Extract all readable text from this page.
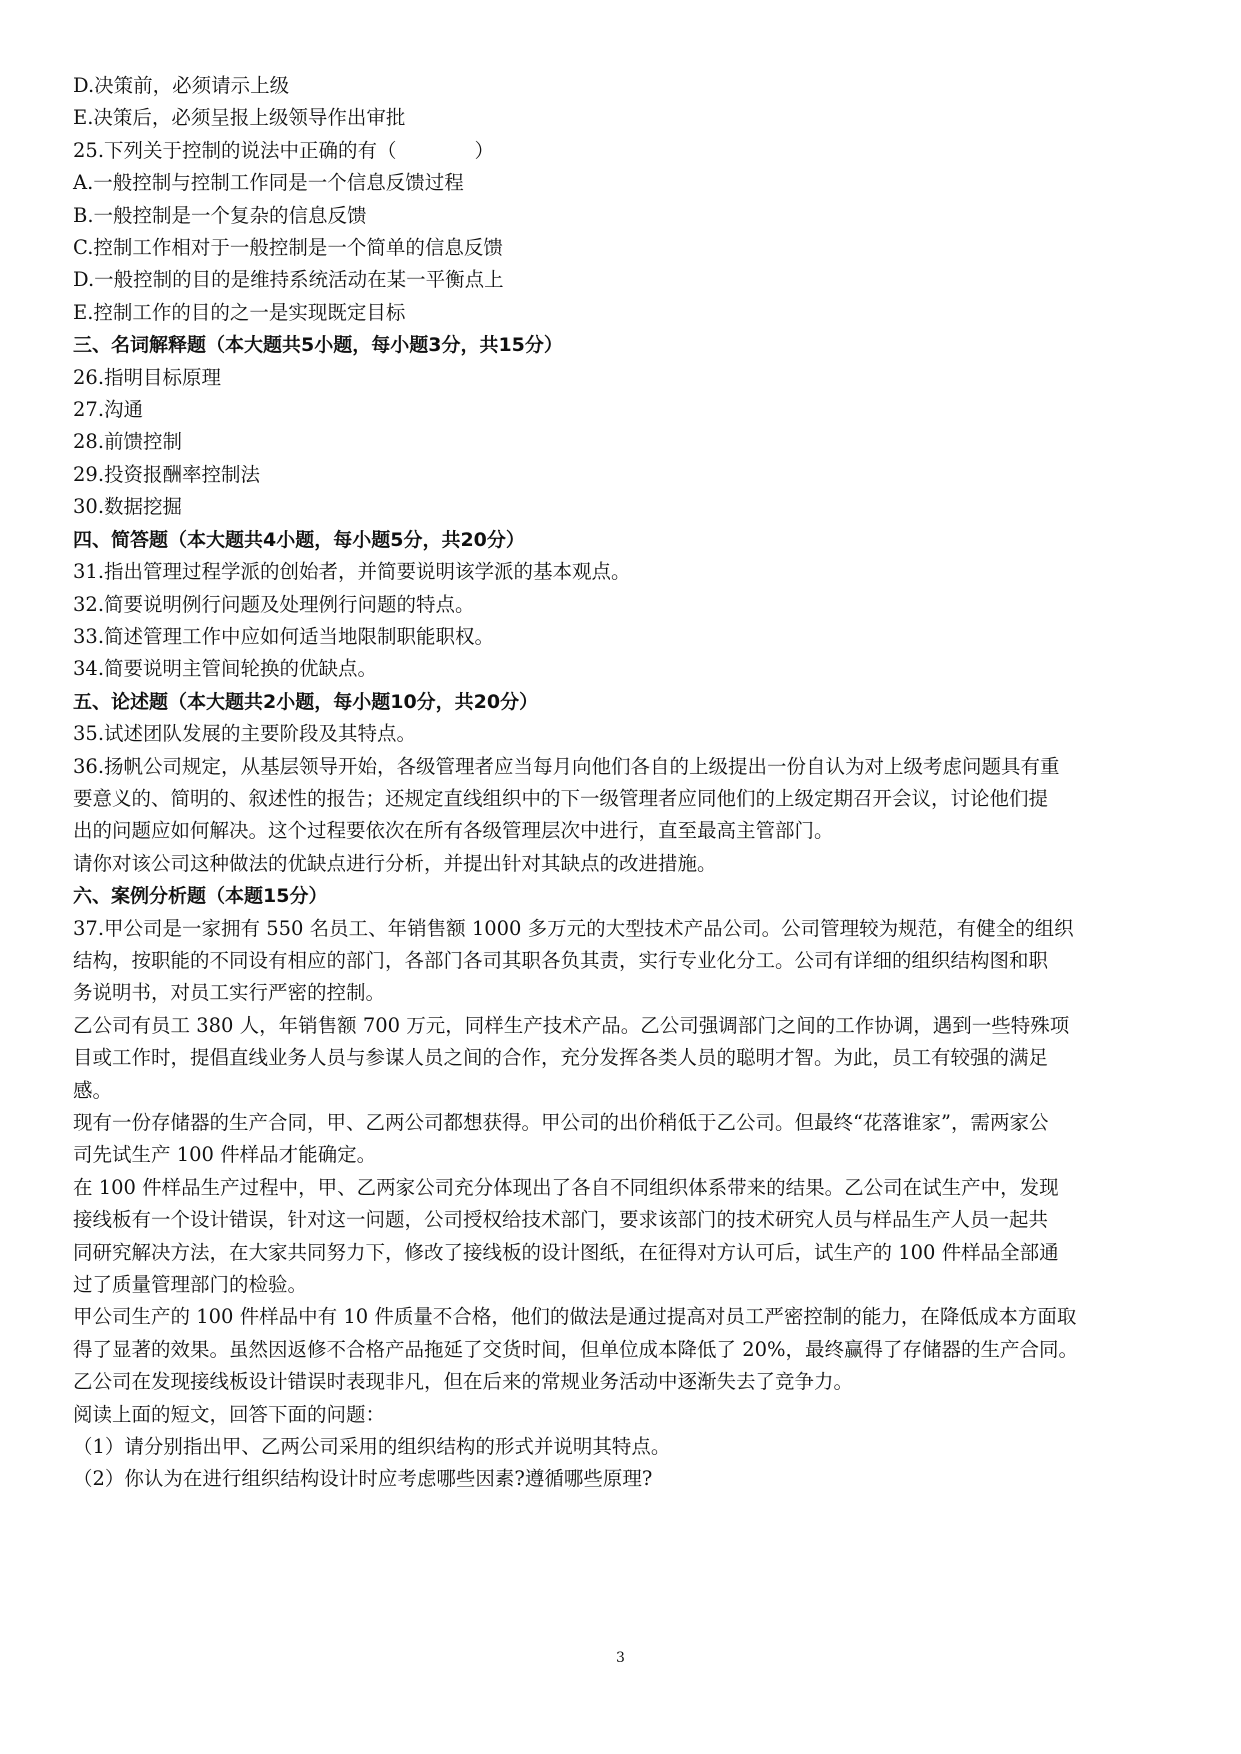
D.决策前，必须请示上级

E.决策后，必须呈报上级领导作出审批

25.下列关于控制的说法中正确的有（	）

A.一般控制与控制工作同是一个信息反馈过程

B.一般控制是一个复杂的信息反馈

C.控制工作相对于一般控制是一个简单的信息反馈

D.一般控制的目的是维持系统活动在某一平衡点上

E.控制工作的目的之一是实现既定目标

三、名词解释题（本大题共5小题，每小题3分，共15分）

26.指明目标原理

27.沟通

28.前馈控制

29.投资报酬率控制法

30.数据挖掘

四、简答题（本大题共4小题，每小题5分，共20分）

31.指出管理过程学派的创始者，并简要说明该学派的基本观点。

32.简要说明例行问题及处理例行问题的特点。

33.简述管理工作中应如何适当地限制职能职权。

34.简要说明主管间轮换的优缺点。

五、论述题（本大题共2小题，每小题10分，共20分）

35.试述团队发展的主要阶段及其特点。

36.扬帆公司规定，从基层领导开始，各级管理者应当每月向他们各自的上级提出一份自认为对上级考虑问题具有重

要意义的、简明的、叙述性的报告；还规定直线组织中的下一级管理者应同他们的上级定期召开会议，讨论他们提

出的问题应如何解决。这个过程要依次在所有各级管理层次中进行，直至最高主管部门。

请你对该公司这种做法的优缺点进行分析，并提出针对其缺点的改进措施。

六、案例分析题（本题15分）

37.甲公司是一家拥有 550 名员工、年销售额 1000 多万元的大型技术产品公司。公司管理较为规范，有健全的组织

结构，按职能的不同设有相应的部门，各部门各司其职各负其责，实行专业化分工。公司有详细的组织结构图和职

务说明书，对员工实行严密的控制。

乙公司有员工 380 人，年销售额 700 万元，同样生产技术产品。乙公司强调部门之间的工作协调，遇到一些特殊项

目或工作时，提倡直线业务人员与参谋人员之间的合作，充分发挥各类人员的聪明才智。为此，员工有较强的满足

感。

现有一份存储器的生产合同，甲、乙两公司都想获得。甲公司的出价稍低于乙公司。但最终“花落谁家”，需两家公

司先试生产 100 件样品才能确定。

在 100 件样品生产过程中，甲、乙两家公司充分体现出了各自不同组织体系带来的结果。乙公司在试生产中，发现

接线板有一个设计错误，针对这一问题，公司授权给技术部门，要求该部门的技术研究人员与样品生产人员一起共

同研究解决方法，在大家共同努力下，修改了接线板的设计图纸，在征得对方认可后，试生产的 100 件样品全部通

过了质量管理部门的检验。

甲公司生产的 100 件样品中有 10 件质量不合格，他们的做法是通过提高对员工严密控制的能力，在降低成本方面取

得了显著的效果。虽然因返修不合格产品拖延了交货时间，但单位成本降低了 20%，最终赢得了存储器的生产合同。

乙公司在发现接线板设计错误时表现非凡，但在后来的常规业务活动中逐渐失去了竞争力。

阅读上面的短文，回答下面的问题：

（1）请分别指出甲、乙两公司采用的组织结构的形式并说明其特点。

（2）你认为在进行组织结构设计时应考虑哪些因素?遵循哪些原理?

3
